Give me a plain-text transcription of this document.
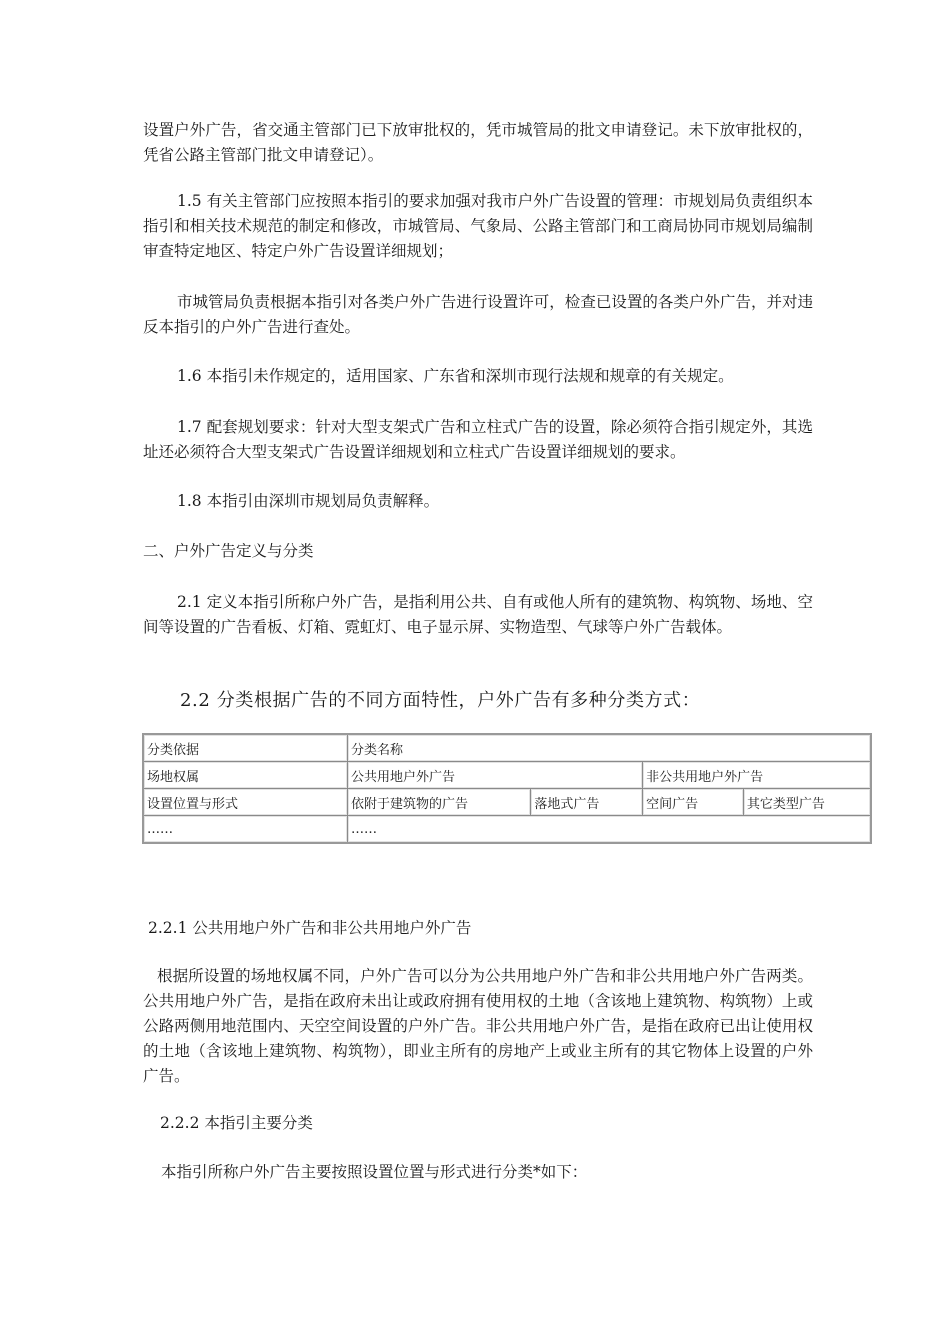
设置户外广告，省交通主管部门已下放审批权的，凭市城管局的批文申请登记。未下放审批权的，凭省公路主管部门批文申请登记）。

1.5 有关主管部门应按照本指引的要求加强对我市户外广告设置的管理：市规划局负责组织本指引和相关技术规范的制定和修改，市城管局、气象局、公路主管部门和工商局协同市规划局编制审查特定地区、特定户外广告设置详细规划；

市城管局负责根据本指引对各类户外广告进行设置许可，检查已设置的各类户外广告，并对违反本指引的户外广告进行查处。

1.6 本指引未作规定的，适用国家、广东省和深圳市现行法规和规章的有关规定。

1.7 配套规划要求：针对大型支架式广告和立柱式广告的设置，除必须符合指引规定外，其选址还必须符合大型支架式广告设置详细规划和立柱式广告设置详细规划的要求。

1.8 本指引由深圳市规划局负责解释。

二、户外广告定义与分类

2.1 定义本指引所称户外广告，是指利用公共、自有或他人所有的建筑物、构筑物、场地、空间等设置的广告看板、灯箱、霓虹灯、电子显示屏、实物造型、气球等户外广告载体。

2.2 分类根据广告的不同方面特性，户外广告有多种分类方式：

分类依据	分类名称			
场地权属	公共用地户外广告		非公共用地户外广告	
设置位置与形式	依附于建筑物的广告	落地式广告	空间广告	其它类型广告
……	……			

2.2.1 公共用地户外广告和非公共用地户外广告

根据所设置的场地权属不同，户外广告可以分为公共用地户外广告和非公共用地户外广告两类。公共用地户外广告，是指在政府未出让或政府拥有使用权的土地（含该地上建筑物、构筑物）上或公路两侧用地范围内、天空空间设置的户外广告。非公共用地户外广告，是指在政府已出让使用权的土地（含该地上建筑物、构筑物），即业主所有的房地产上或业主所有的其它物体上设置的户外广告。

2.2.2 本指引主要分类

本指引所称户外广告主要按照设置位置与形式进行分类*如下：
